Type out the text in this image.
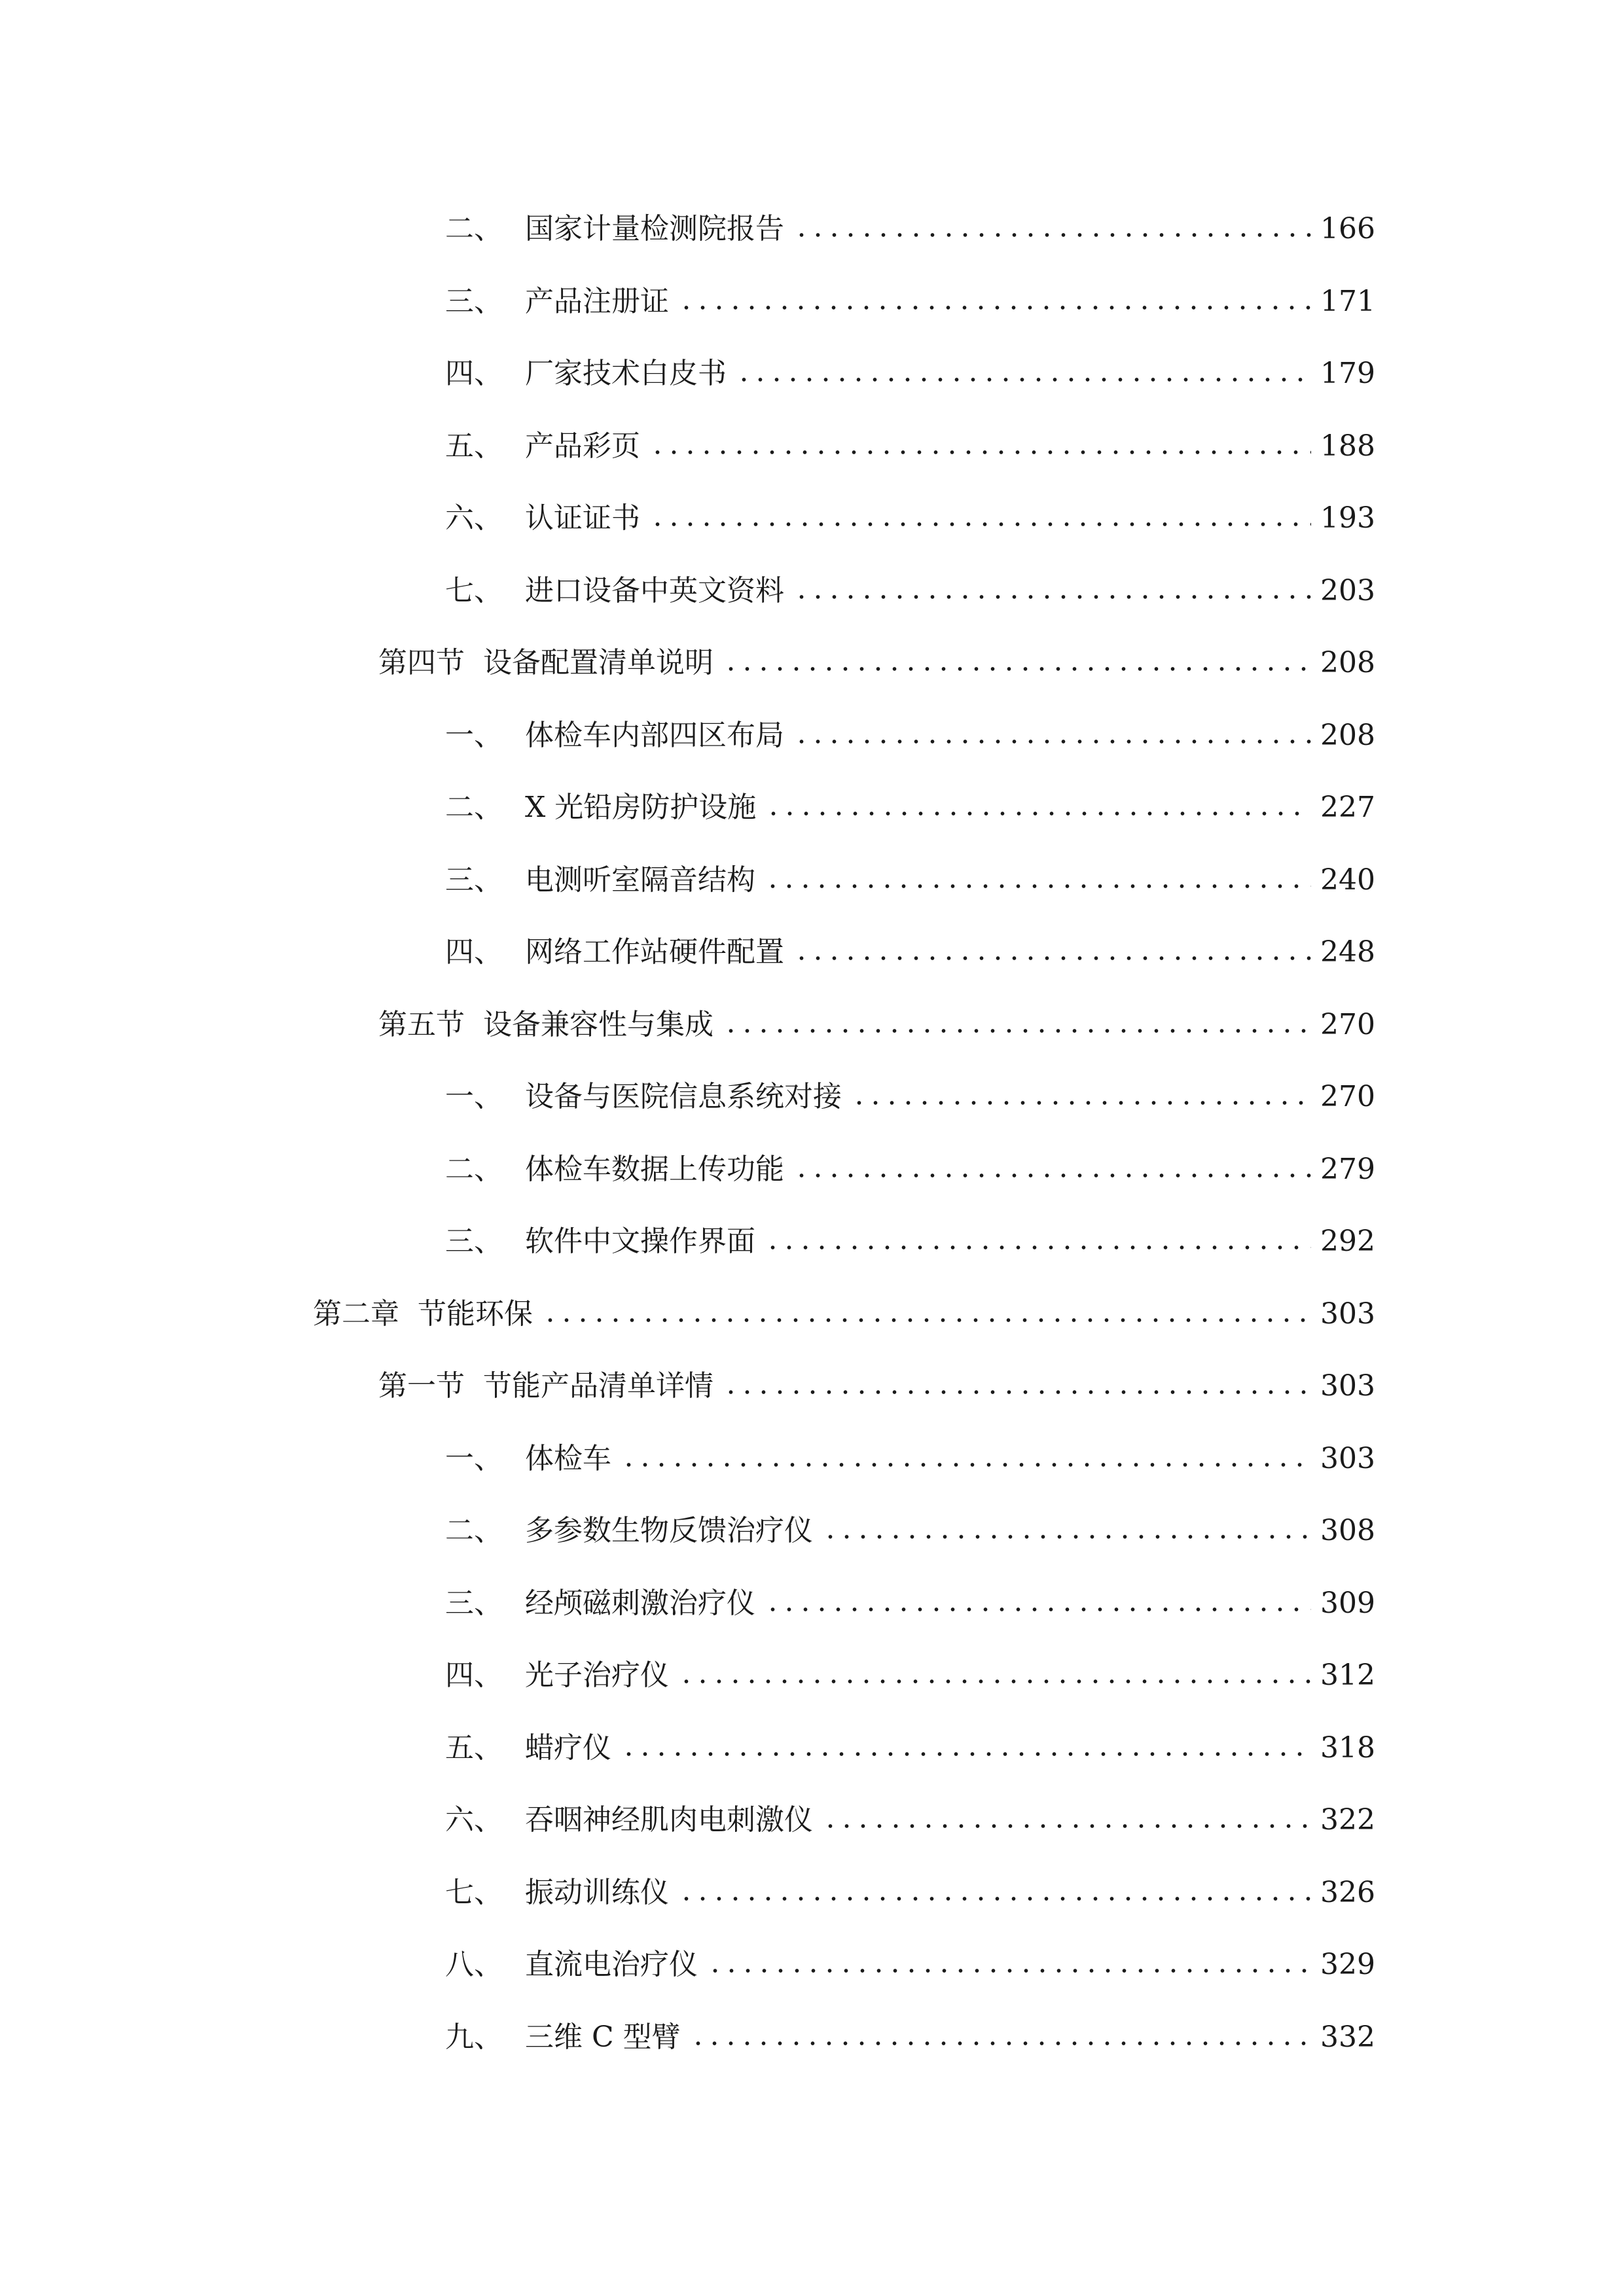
二、 国家计量检测院报告	166
三、 产品注册证	171
四、 厂家技术白皮书	179
五、 产品彩页	188
六、 认证证书	193
七、 进口设备中英文资料	203
第四节 设备配置清单说明	208
一、 体检车内部四区布局	208
二、 X 光铅房防护设施	227
三、 电测听室隔音结构	240
四、 网络工作站硬件配置	248
第五节 设备兼容性与集成	270
一、 设备与医院信息系统对接	270
二、 体检车数据上传功能	279
三、 软件中文操作界面	292
第二章 节能环保	303
第一节 节能产品清单详情	303
一、 体检车	303
二、 多参数生物反馈治疗仪	308
三、 经颅磁刺激治疗仪	309
四、 光子治疗仪	312
五、 蜡疗仪	318
六、 吞咽神经肌肉电刺激仪	322
七、 振动训练仪	326
八、 直流电治疗仪	329
九、 三维 C 型臂	332
